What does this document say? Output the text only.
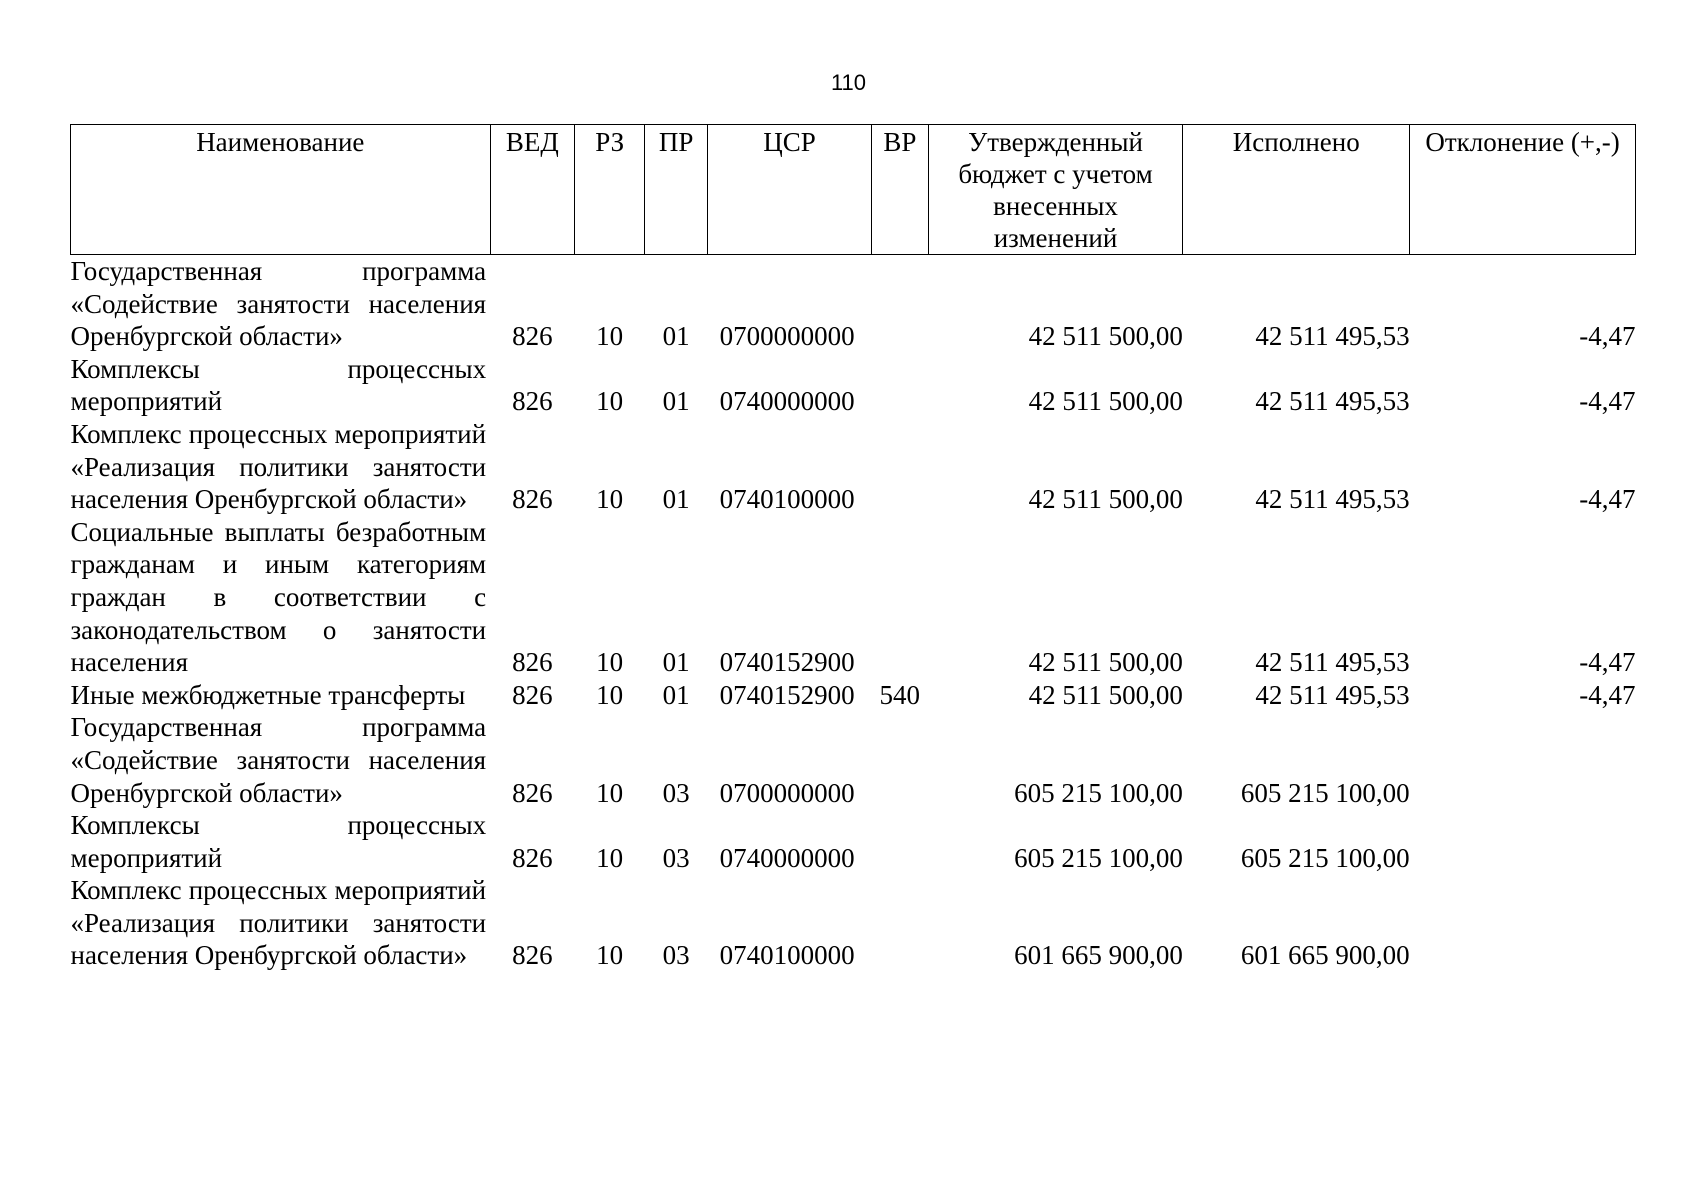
110
Наименование	ВЕД	РЗ	ПР	ЦСР	ВР	Утвержденный бюджет с учетом внесенных изменений	Исполнено	Отклонение (+,-)
Государственная программа «Содействие занятости населения Оренбургской области»	826	10	01	0700000000		42 511 500,00	42 511 495,53	-4,47
Комплексы процессных мероприятий	826	10	01	0740000000		42 511 500,00	42 511 495,53	-4,47
Комплекс процессных мероприятий «Реализация политики занятости населения Оренбургской области»	826	10	01	0740100000		42 511 500,00	42 511 495,53	-4,47
Социальные выплаты безработным гражданам и иным категориям граждан в соответствии с законодательством о занятости населения	826	10	01	0740152900		42 511 500,00	42 511 495,53	-4,47
Иные межбюджетные трансферты	826	10	01	0740152900	540	42 511 500,00	42 511 495,53	-4,47
Государственная программа «Содействие занятости населения Оренбургской области»	826	10	03	0700000000		605 215 100,00	605 215 100,00	
Комплексы процессных мероприятий	826	10	03	0740000000		605 215 100,00	605 215 100,00	
Комплекс процессных мероприятий «Реализация политики занятости населения Оренбургской области»	826	10	03	0740100000		601 665 900,00	601 665 900,00	
